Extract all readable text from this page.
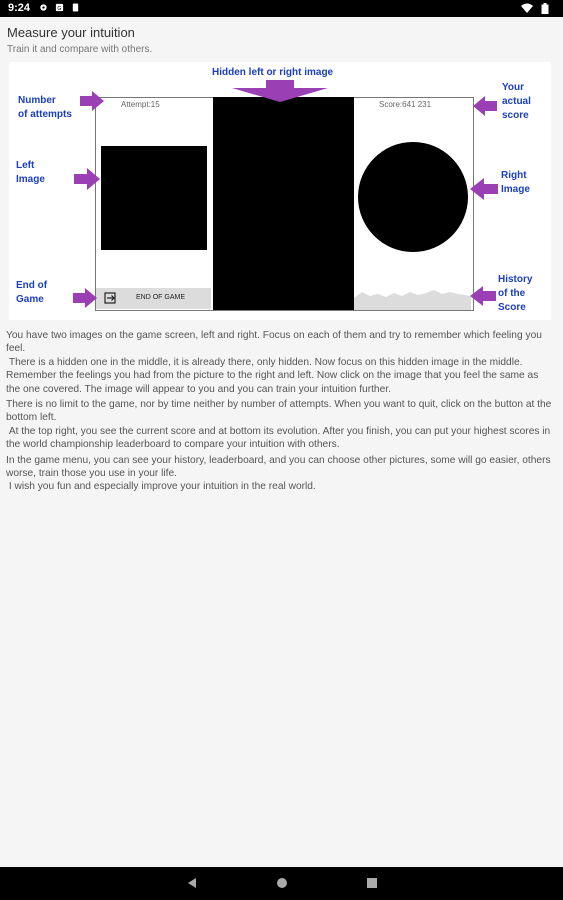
9:24	G
Measure your intuition
Train it and compare with others.
Attempt:15	Score:641 231
END OF GAME
Hidden left or right image
Number
of attempts
Your
actual
score
Left
Image	Right
Image
End of
Game
History
of the
Score

You have two images on the game screen, left and right. Focus on each of them and try to remember which feeling you feel.
There is a hidden one in the middle, it is already there, only hidden. Now focus on this hidden image in the middle. Remember the feelings you had from the picture to the right and left. Now click on the image that you feel the same as the one covered. The image will appear to you and you can train your intuition further.

There is no limit to the game, nor by time neither by number of attempts. When you want to quit, click on the button at the bottom left.
At the top right, you see the current score and at bottom its evolution. After you finish, you can put your highest scores in the world championship leaderboard to compare your intuition with others.

In the game menu, you can see your history, leaderboard, and you can choose other pictures, some will go easier, others worse, train those you use in your life.
I wish you fun and especially improve your intuition in the real world.
